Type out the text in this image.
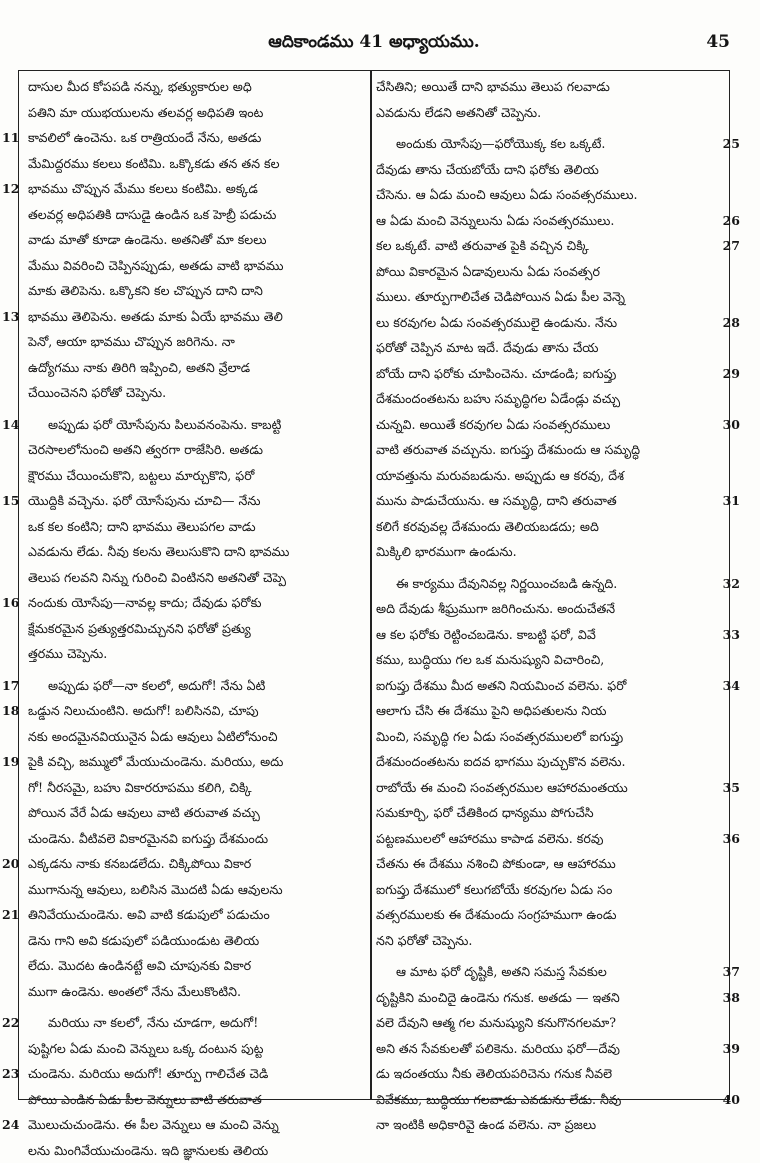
ఆదికాండము 41 అధ్యాయము.	45
దాసుల మీద కోపపడి నన్ను, భత్యుకారుల అధి
పతిని మా యుభయులను తలవర్ల అధిపతి ఇంట
కావలిలో ఉంచెను. ఒక రాత్రియందే నేను, అతడు
11
మేమిద్దరము కలలు కంటిమి. ఒక్కొకడు తన తన కల
భావము చొప్పున మేము కలలు కంటిమి. అక్కడ
12
తలవర్ల అధిపతికి దాసుడై ఉండిన ఒక హెబ్రీ పడుచు
వాడు మాతో కూడా ఉండెను. అతనితో మా కలలు
మేము వివరించి చెప్పినప్పుడు, అతడు వాటి భావము
మాకు తెలిపెను. ఒక్కొకని కల చొప్పున దాని దాని
భావము తెలిపెను. అతడు మాకు ఏయే భావము తెలి
13
పెనో, ఆయా భావము చొప్పున జరిగెను. నా
ఉద్యోగము నాకు తిరిగి ఇప్పించి, అతని వ్రేలాడ
చేయించెనని ఫరోతో చెప్పెను.
అప్పుడు ఫరో యోసేపును పిలువనంపెను. కాబట్టి
14
చెరసాలలోనుంచి అతని త్వరగా రాజేసిరి. అతడు
క్షౌరము చేయించుకొని, బట్టలు మార్చుకొని, ఫరో
యొద్దికి వచ్చెను. ఫరో యోసేపును చూచి— నేను
15
ఒక కల కంటిని; దాని భావము తెలుపగల వాడు
ఎవడును లేడు. నీవు కలను తెలుసుకొని దాని భావము
తెలుప గలవని నిన్ను గురించి వింటినని అతనితో చెప్పె
నందుకు యోసేపు—నావల్ల కాదు; దేవుడు ఫరోకు
16
క్షేమకరమైన ప్రత్యుత్తరమిచ్చునని ఫరోతో ప్రత్యు
త్తరము చెప్పెను.
అప్పుడు ఫరో—నా కలలో, అదుగో! నేను ఏటి
17
ఒడ్డున నిలుచుంటిని. అదుగో! బలిసినవి, చూపు
18
నకు అందమైనవియునైన ఏడు ఆవులు ఏటిలోనుంచి
పైకి వచ్చి, జమ్ములో మేయుచుండెను. మరియు, అదు
19
గో! నీరసమై, బహు వికారరూపము కలిగి, చిక్కి
పోయిన వేరే ఏడు ఆవులు వాటి తరువాత వచ్చు
చుండెను. వీటివలె వికారమైనవి ఐగుప్తు దేశమందు
ఎక్కడను నాకు కనబడలేదు. చిక్కిపోయి వికార
20
ముగానున్న ఆవులు, బలిసిన మొదటి ఏడు ఆవులను
తినివేయుచుండెను. అవి వాటి కడుపులో పడుచుం
21
డెను గాని అవి కడుపులో పడియుండుట తెలియ
లేదు. మొదట ఉండినట్టే అవి చూపునకు వికార
ముగా ఉండెను. అంతలో నేను మేలుకొంటిని.
మరియు నా కలలో, నేను చూడగా, అదుగో!
22
పుష్టిగల ఏడు మంచి వెన్నులు ఒక్క దంటున పుట్ట
చుండెను. మరియు అదుగో! తూర్పు గాలిచేత చెడి
23
పోయి ఎండిన ఏడు పీల వెన్నులు వాటి తరువాత
మొలుచుచుండెను. ఈ పీల వెన్నులు ఆ మంచి వెన్ను
24
లను మింగివేయుచుండెను. ఇది జ్ఞానులకు తెలియ
చేసితిని; అయితే దాని భావము తెలుప గలవాడు
ఎవడును లేడని అతనితో చెప్పెను.
అందుకు యోసేపు—ఫరోయొక్క కల ఒక్కటే.	25
దేవుడు తాను చేయబోయే దాని ఫరోకు తెలియ
చేసెను. ఆ ఏడు మంచి ఆవులు ఏడు సంవత్సరములు.
ఆ ఏడు మంచి వెన్నులును ఏడు సంవత్సరములు.	26
కల ఒక్కటే. వాటి తరువాత పైకి వచ్చిన చిక్కి	27
పోయి వికారమైన ఏడావులును ఏడు సంవత్సర
ములు. తూర్పుగాలిచేత చెడిపోయిన ఏడు పీల వెన్నె
లు కరవుగల ఏడు సంవత్సరములై ఉండును. నేను	28
ఫరోతో చెప్పిన మాట ఇదే. దేవుడు తాను చేయ
బోయే దాని ఫరోకు చూపించెను. చూడండి; ఐగుప్తు	29
దేశమందంతటను బహు సమృద్ధిగల ఏడేండ్లు వచ్చు
చున్నవి. అయితే కరవుగల ఏడు సంవత్సరములు	30
వాటి తరువాత వచ్చును. ఐగుప్తు దేశమందు ఆ సమృద్ధి
యావత్తును మరువబడును. అప్పుడు ఆ కరవు, దేశ
మును పాడుచేయును. ఆ సమృద్ధి, దాని తరువాత	31
కలిగే కరవువల్ల దేశమందు తెలియబడదు; అది
మిక్కిలి భారముగా ఉండును.
ఈ కార్యము దేవునివల్ల నిర్ణయించబడి ఉన్నది.	32
అది దేవుడు శీఘ్రముగా జరిగించును. అందుచేతనే
ఆ కల ఫరోకు రెట్టించబడెను. కాబట్టి ఫరో, వివే	33
కము, బుద్ధియు గల ఒక మనుష్యుని విచారించి,
ఐగుప్తు దేశము మీద అతని నియమించ వలెను. ఫరో	34
ఆలాగు చేసి ఈ దేశము పైని అధిపతులను నియ
మించి, సమృద్ధి గల ఏడు సంవత్సరములలో ఐగుప్తు
దేశమందంతటను ఐదవ భాగము పుచ్చుకొన వలెను.
రాబోయే ఈ మంచి సంవత్సరముల ఆహారమంతయు	35
సమకూర్చి, ఫరో చేతికింద ధాన్యము పోగుచేసి
పట్టణములలో ఆహారము కాపాడ వలెను. కరవు	36
చేతను ఈ దేశము నశించి పోకుండా, ఆ ఆహారము
ఐగుప్తు దేశములో కలుగబోయే కరవుగల ఏడు సం
వత్సరములకు ఈ దేశమందు సంగ్రహముగా ఉండు
నని ఫరోతో చెప్పెను.
ఆ మాట ఫరో దృష్టికి, అతని సమస్త సేవకుల	37
దృష్టికిని మంచిదై ఉండెను గనుక. అతడు — ఇతని	38
వలె దేవుని ఆత్మ గల మనుష్యుని కనుగొనగలమా?
అని తన సేవకులతో పలికెను. మరియు ఫరో—దేవు	39
డు ఇదంతయు నీకు తెలియపరిచెను గనుక నీవలె
వివేకము, బుద్ధియు గలవాడు ఎవడును లేడు. నీవు	40
నా ఇంటికి అధికారివై ఉండ వలెను. నా ప్రజలు
